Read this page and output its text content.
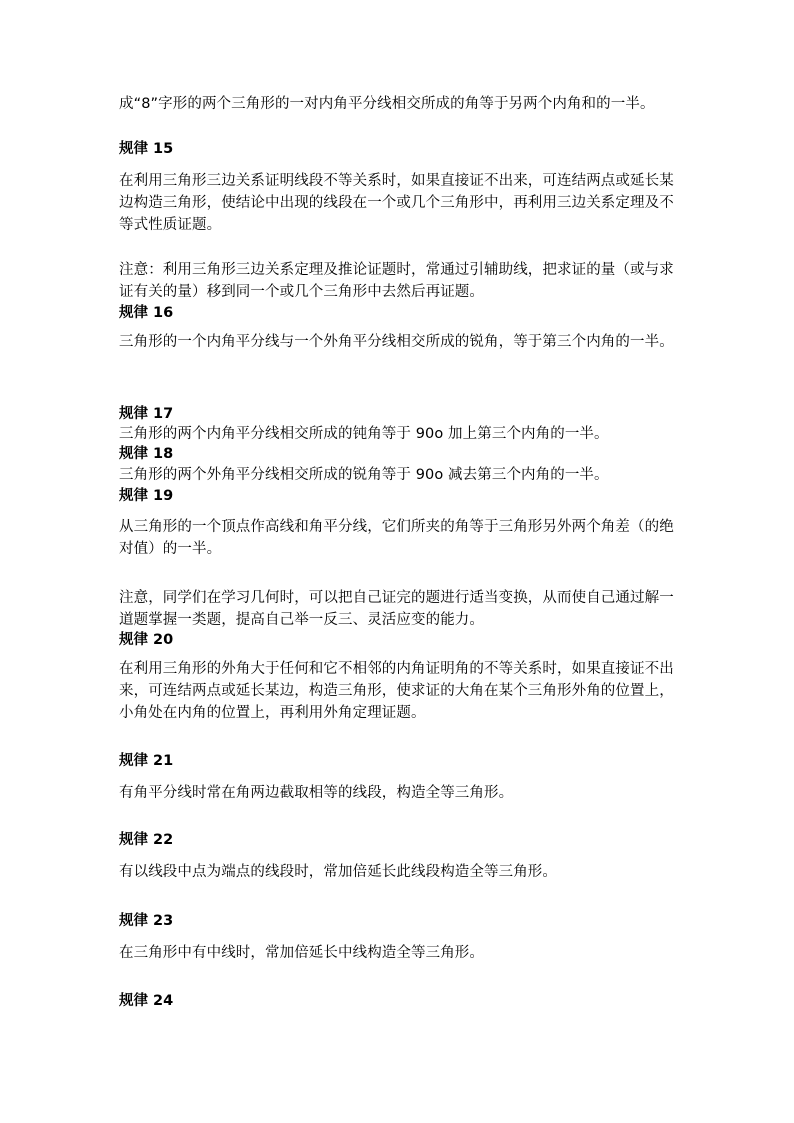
成“8”字形的两个三角形的一对内角平分线相交所成的角等于另两个内角和的一半。
规律 15
在利用三角形三边关系证明线段不等关系时，如果直接证不出来，可连结两点或延长某边构造三角形，使结论中出现的线段在一个或几个三角形中，再利用三边关系定理及不等式性质证题。
注意：利用三角形三边关系定理及推论证题时，常通过引辅助线，把求证的量（或与求证有关的量）移到同一个或几个三角形中去然后再证题。
规律 16
三角形的一个内角平分线与一个外角平分线相交所成的锐角，等于第三个内角的一半。
规律 17
三角形的两个内角平分线相交所成的钝角等于 90o 加上第三个内角的一半。
规律 18
三角形的两个外角平分线相交所成的锐角等于 90o 减去第三个内角的一半。
规律 19
从三角形的一个顶点作高线和角平分线，它们所夹的角等于三角形另外两个角差（的绝对值）的一半。
注意，同学们在学习几何时，可以把自己证完的题进行适当变换，从而使自己通过解一道题掌握一类题，提高自己举一反三、灵活应变的能力。
规律 20
在利用三角形的外角大于任何和它不相邻的内角证明角的不等关系时，如果直接证不出来，可连结两点或延长某边，构造三角形，使求证的大角在某个三角形外角的位置上，小角处在内角的位置上，再利用外角定理证题。
规律 21
有角平分线时常在角两边截取相等的线段，构造全等三角形。
规律 22
有以线段中点为端点的线段时，常加倍延长此线段构造全等三角形。
规律 23
在三角形中有中线时，常加倍延长中线构造全等三角形。
规律 24
